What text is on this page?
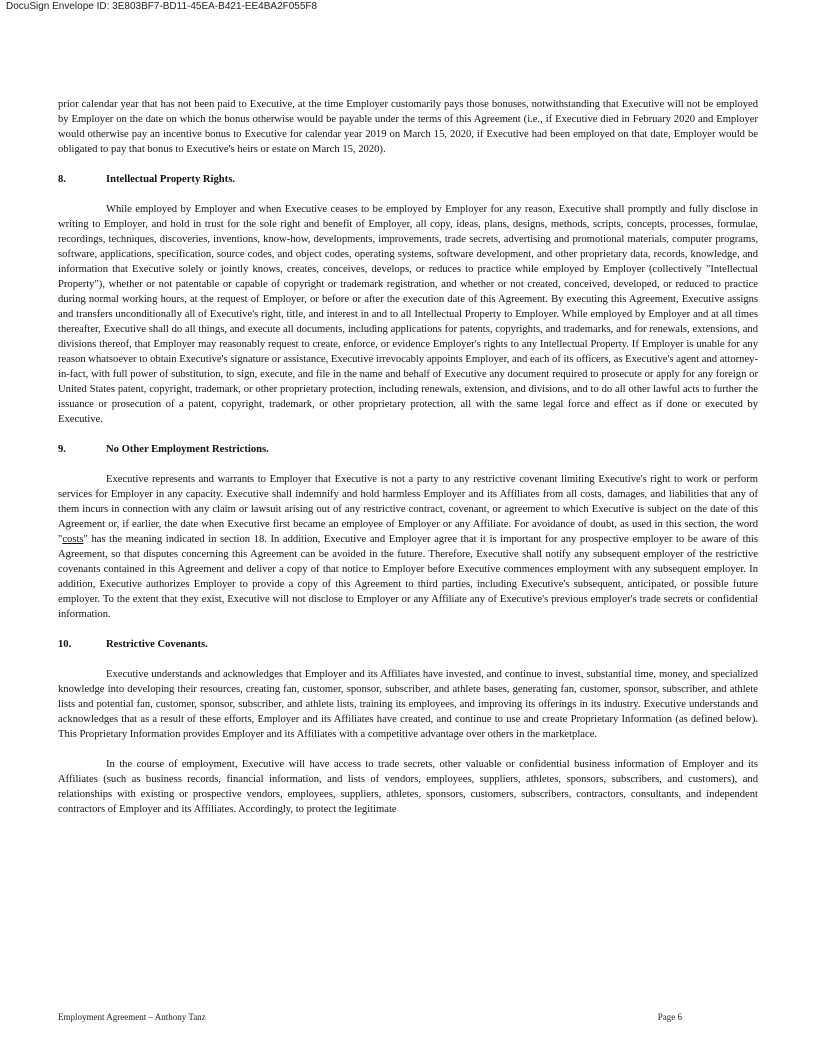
DocuSign Envelope ID: 3E803BF7-BD11-45EA-B421-EE4BA2F055F8

prior calendar year that has not been paid to Executive, at the time Employer customarily pays those bonuses, notwithstanding that Executive will not be employed by Employer on the date on which the bonus otherwise would be payable under the terms of this Agreement (i.e., if Executive died in February 2020 and Employer would otherwise pay an incentive bonus to Executive for calendar year 2019 on March 15, 2020, if Executive had been employed on that date, Employer would be obligated to pay that bonus to Executive's heirs or estate on March 15, 2020).

8.	Intellectual Property Rights.

While employed by Employer and when Executive ceases to be employed by Employer for any reason, Executive shall promptly and fully disclose in writing to Employer, and hold in trust for the sole right and benefit of Employer, all copy, ideas, plans, designs, methods, scripts, concepts, processes, formulae, recordings, techniques, discoveries, inventions, know-how, developments, improvements, trade secrets, advertising and promotional materials, computer programs, software, applications, specification, source codes, and object codes, operating systems, software development, and other proprietary data, records, knowledge, and information that Executive solely or jointly knows, creates, conceives, develops, or reduces to practice while employed by Employer (collectively "Intellectual Property"), whether or not patentable or capable of copyright or trademark registration, and whether or not created, conceived, developed, or reduced to practice during normal working hours, at the request of Employer, or before or after the execution date of this Agreement. By executing this Agreement, Executive assigns and transfers unconditionally all of Executive's right, title, and interest in and to all Intellectual Property to Employer. While employed by Employer and at all times thereafter, Executive shall do all things, and execute all documents, including applications for patents, copyrights, and trademarks, and for renewals, extensions, and divisions thereof, that Employer may reasonably request to create, enforce, or evidence Employer's rights to any Intellectual Property. If Employer is unable for any reason whatsoever to obtain Executive's signature or assistance, Executive irrevocably appoints Employer, and each of its officers, as Executive's agent and attorney-in-fact, with full power of substitution, to sign, execute, and file in the name and behalf of Executive any document required to prosecute or apply for any foreign or United States patent, copyright, trademark, or other proprietary protection, including renewals, extension, and divisions, and to do all other lawful acts to further the issuance or prosecution of a patent, copyright, trademark, or other proprietary protection, all with the same legal force and effect as if done or executed by Executive.

9.	No Other Employment Restrictions.

Executive represents and warrants to Employer that Executive is not a party to any restrictive covenant limiting Executive's right to work or perform services for Employer in any capacity. Executive shall indemnify and hold harmless Employer and its Affiliates from all costs, damages, and liabilities that any of them incurs in connection with any claim or lawsuit arising out of any restrictive contract, covenant, or agreement to which Executive is subject on the date of this Agreement or, if earlier, the date when Executive first became an employee of Employer or any Affiliate. For avoidance of doubt, as used in this section, the word "costs" has the meaning indicated in section 18. In addition, Executive and Employer agree that it is important for any prospective employer to be aware of this Agreement, so that disputes concerning this Agreement can be avoided in the future. Therefore, Executive shall notify any subsequent employer of the restrictive covenants contained in this Agreement and deliver a copy of that notice to Employer before Executive commences employment with any subsequent employer. In addition, Executive authorizes Employer to provide a copy of this Agreement to third parties, including Executive's subsequent, anticipated, or possible future employer. To the extent that they exist, Executive will not disclose to Employer or any Affiliate any of Executive's previous employer's trade secrets or confidential information.

10.	Restrictive Covenants.

Executive understands and acknowledges that Employer and its Affiliates have invested, and continue to invest, substantial time, money, and specialized knowledge into developing their resources, creating fan, customer, sponsor, subscriber, and athlete bases, generating fan, customer, sponsor, subscriber, and athlete lists and potential fan, customer, sponsor, subscriber, and athlete lists, training its employees, and improving its offerings in its industry. Executive understands and acknowledges that as a result of these efforts, Employer and its Affiliates have created, and continue to use and create Proprietary Information (as defined below). This Proprietary Information provides Employer and its Affiliates with a competitive advantage over others in the marketplace.

In the course of employment, Executive will have access to trade secrets, other valuable or confidential business information of Employer and its Affiliates (such as business records, financial information, and lists of vendors, employees, suppliers, athletes, sponsors, subscribers, and customers), and relationships with existing or prospective vendors, employees, suppliers, athletes, sponsors, customers, subscribers, contractors, consultants, and independent contractors of Employer and its Affiliates. Accordingly, to protect the legitimate

Employment Agreement – Anthony Tanz	Page 6
